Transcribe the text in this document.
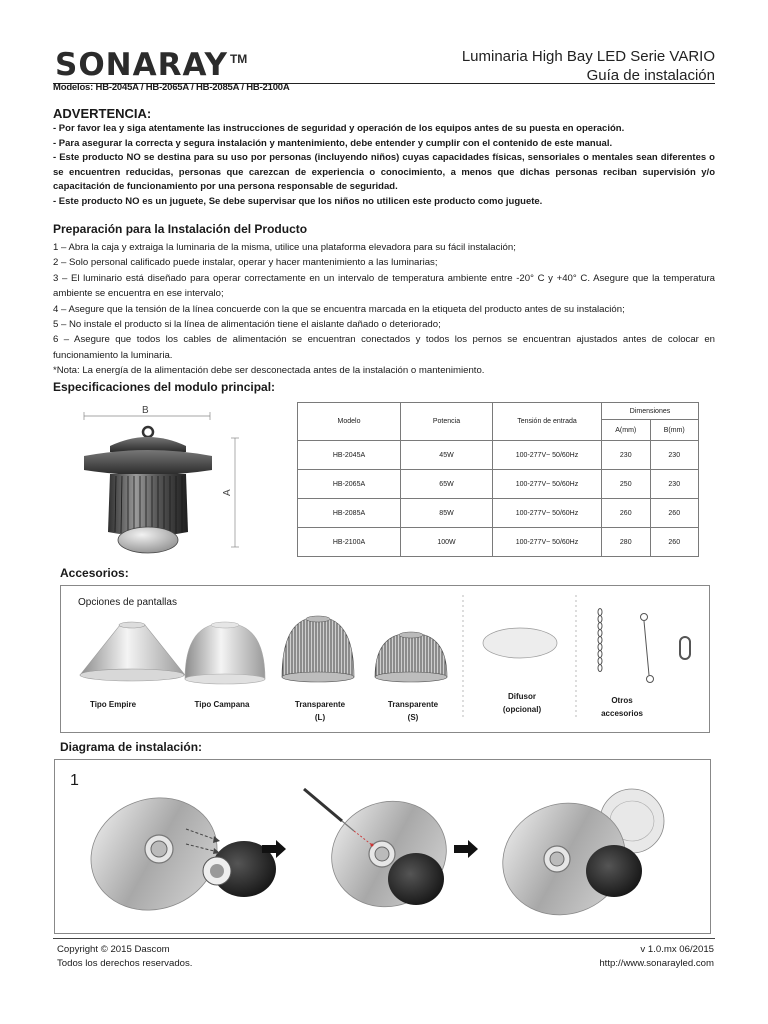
SONARAY TM	Luminaria High Bay LED Serie VARIO
Guía de instalación
Modelos: HB-2045A / HB-2065A / HB-2085A / HB-2100A
ADVERTENCIA:

- Por favor lea y siga atentamente las instrucciones de seguridad y operación de los equipos antes de su puesta en operación.

- Para asegurar la correcta y segura instalación y mantenimiento, debe entender y cumplir con el contenido de este manual.

- Este producto NO se destina para su uso por personas (incluyendo niños) cuyas capacidades físicas, sensoriales o mentales sean diferentes o se encuentren reducidas, personas que carezcan de experiencia o conocimiento, a menos que dichas personas reciban supervisión y/o capacitación de funcionamiento por una persona responsable de seguridad.

- Este producto NO es un juguete, Se debe supervisar que los niños no utilicen este producto como juguete.

Preparación para la Instalación del Producto

1 – Abra la caja y extraiga la luminaria de la misma, utilice una plataforma elevadora para su fácil instalación;

2 – Solo personal calificado puede instalar, operar y hacer mantenimiento a las luminarias;

3 – El luminario está diseñado para operar correctamente en un intervalo de temperatura ambiente entre -20° C y +40° C. Asegure que la temperatura ambiente se encuentra en ese intervalo;

4 – Asegure que la tensión de la línea concuerde con la que se encuentra marcada en la etiqueta del producto antes de su instalación;

5 – No instale el producto si la línea de alimentación tiene el aislante dañado o deteriorado;

6 – Asegure que todos los cables de alimentación se encuentran conectados y todos los pernos se encuentran ajustados antes de colocar en funcionamiento la luminaria.

*Nota: La energía de la alimentación debe ser desconectada antes de la instalación o mantenimiento.

Especificaciones del modulo principal:
B
A
Modelo	Potencia	Tensión de entrada	Dimensiones	
			A(mm)	B(mm)
HB-2045A	45W	100-277V~ 50/60Hz	230	230
HB-2065A	65W	100-277V~ 50/60Hz	250	230
HB-2085A	85W	100-277V~ 50/60Hz	260	260
HB-2100A	100W	100-277V~ 50/60Hz	280	260
Accesorios:
Opciones de pantallas
Tipo Empire	Tipo Campana	Transparente
(L)
Transparente
(S)
Difusor
(opcional)
Otros
accesorios
Diagrama de instalación:
1
Copyright © 2015 Dascom
Todos los derechos reservados.
v 1.0.mx 06/2015
http://www.sonarayled.com
